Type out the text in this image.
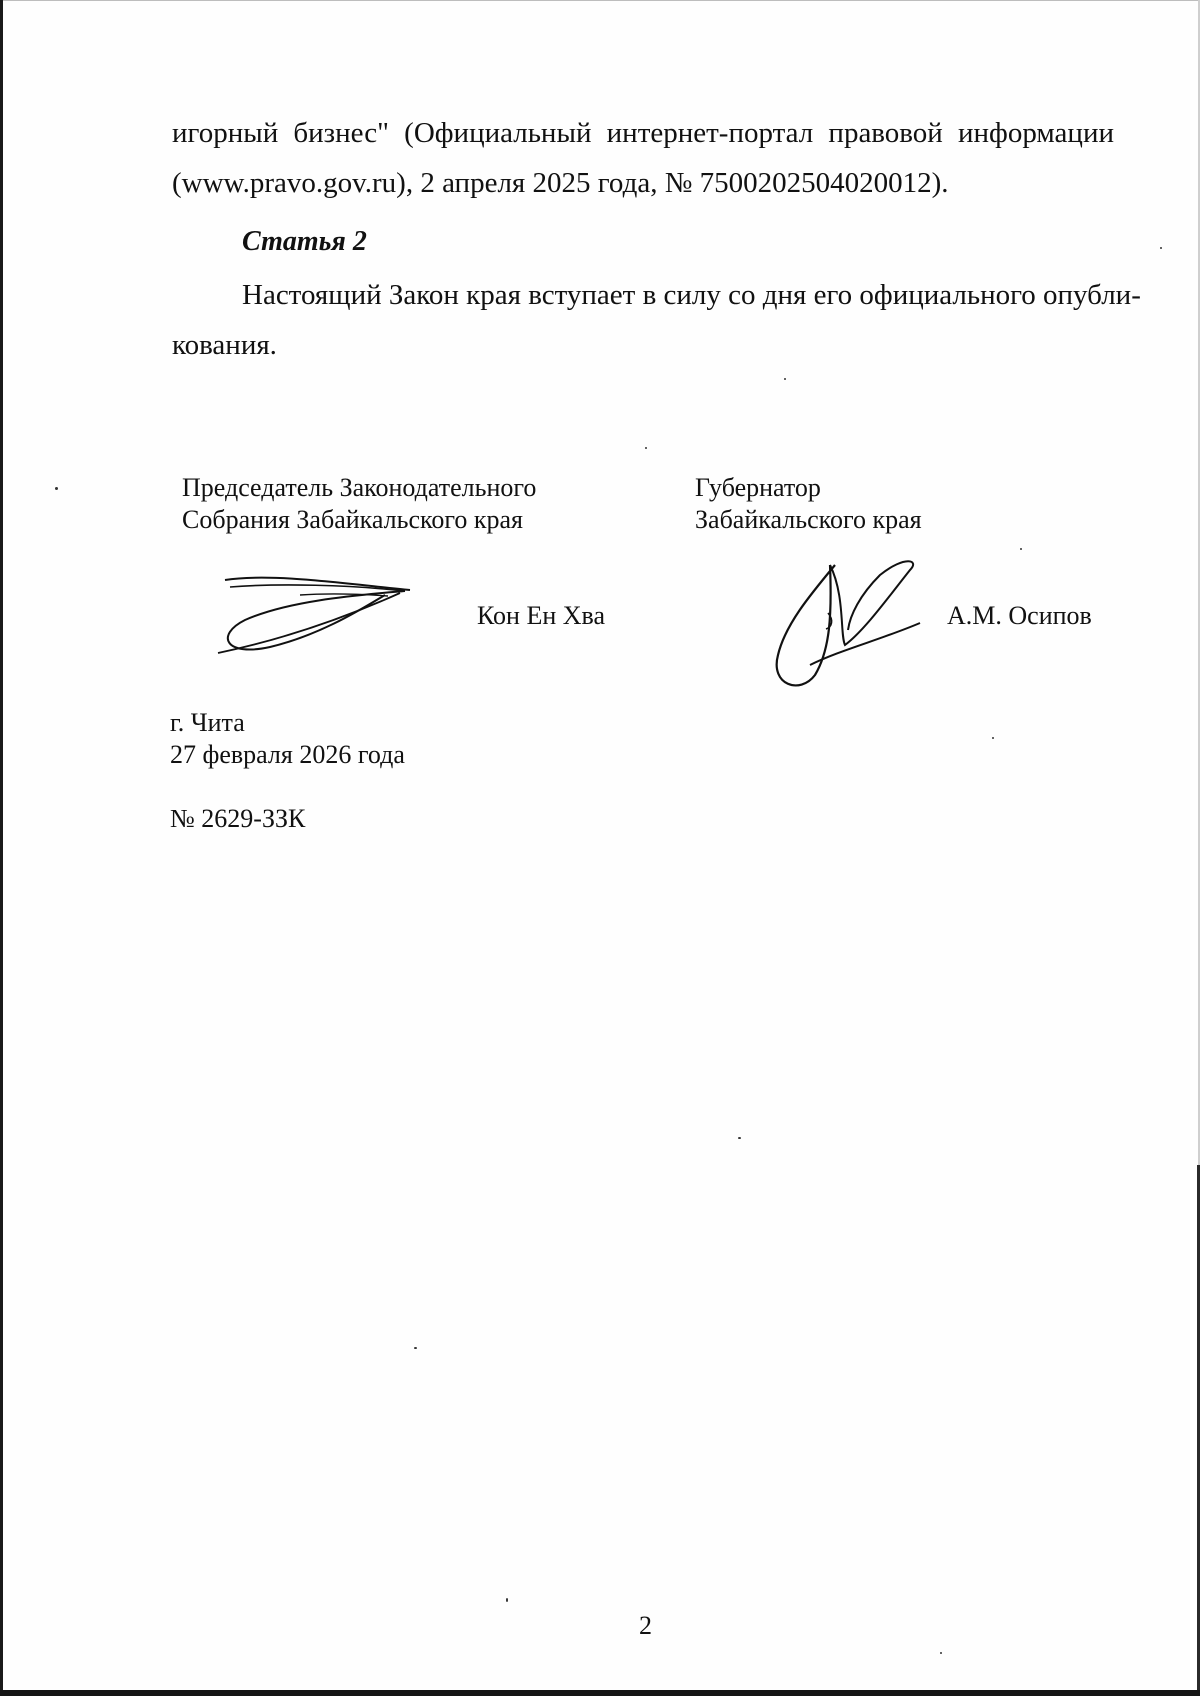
игорный бизнес" (Официальный интернет-портал правовой информации (www.pravo.gov.ru), 2 апреля 2025 года, № 7500202504020012).

Статья 2

Настоящий Закон края вступает в силу со дня его официального опубли-

кования.

Председатель Законодательного
Собрания Забайкальского края
Губернатор
Забайкальского края
Кон Ен Хва	А.М. Осипов
г. Чита
27 февраля 2026 года
№ 2629-ЗЗК
2
